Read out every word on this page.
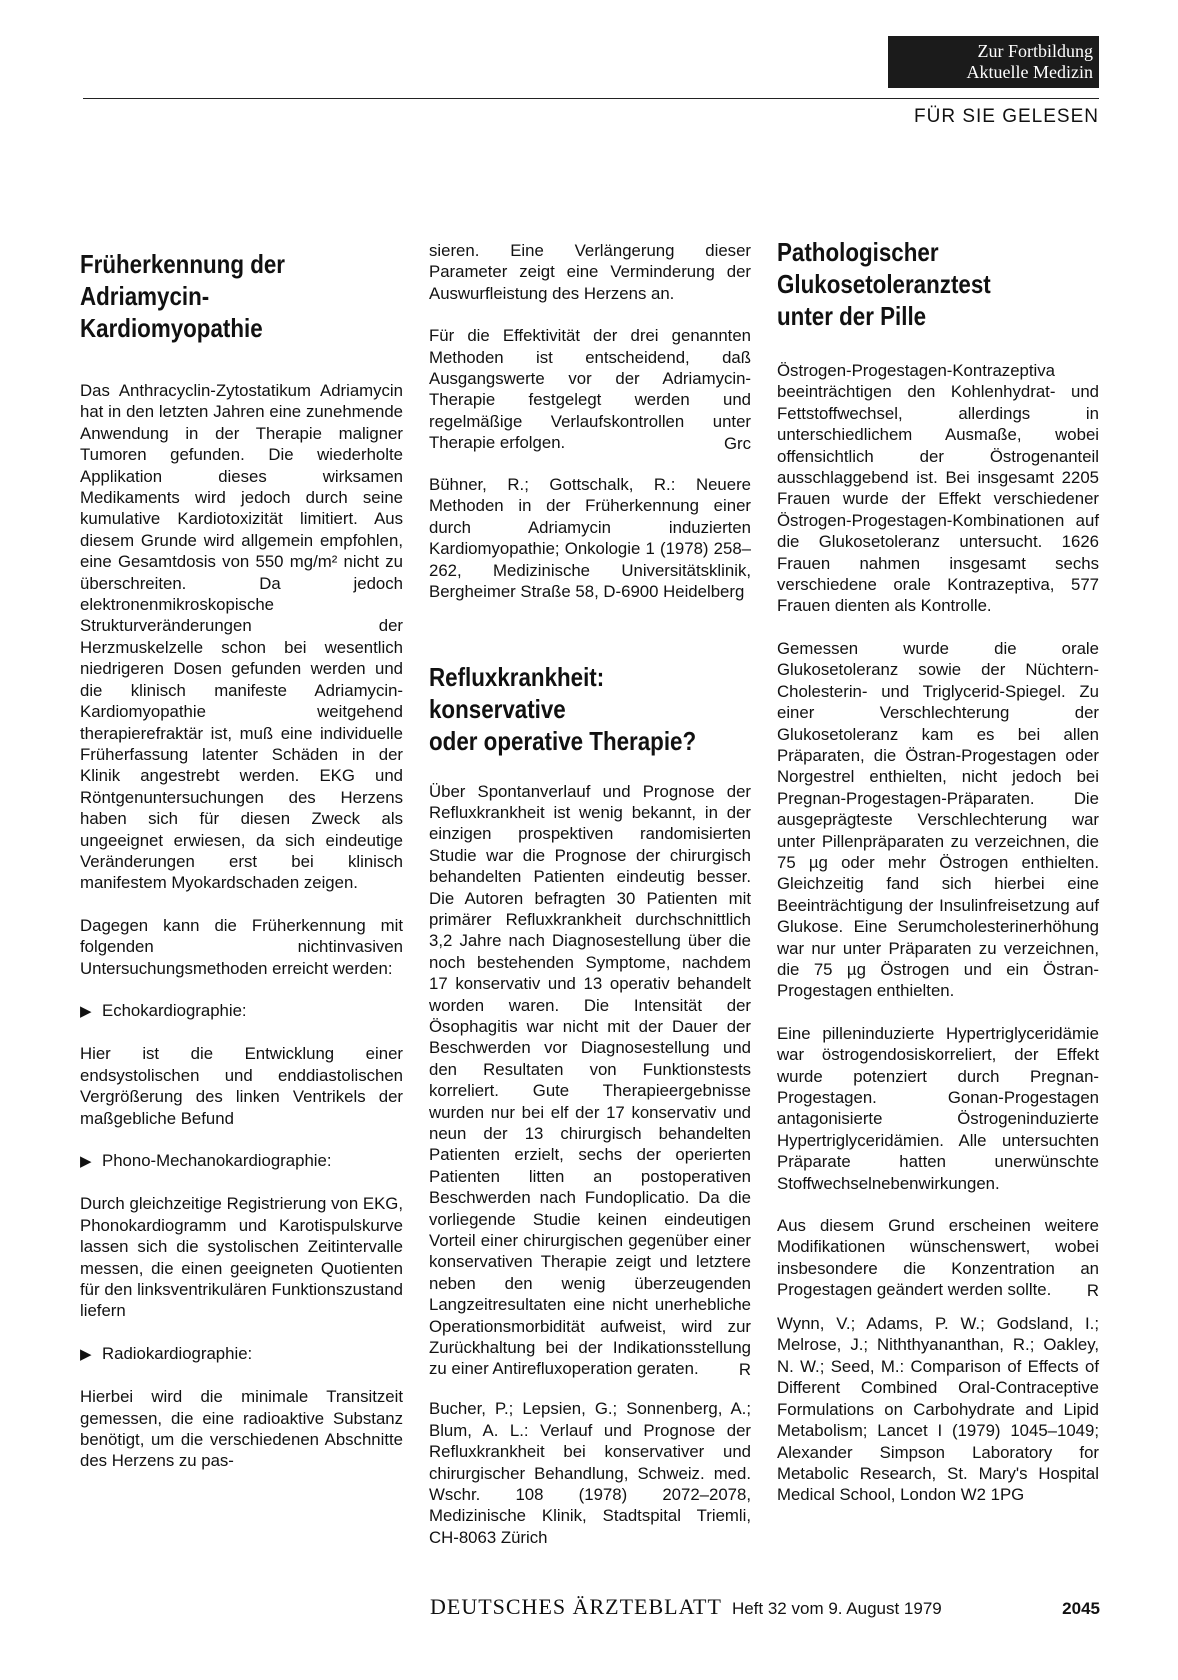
Zur Fortbildung
Aktuelle Medizin
FÜR SIE GELESEN
Früherkennung der
Adriamycin-
Kardiomyopathie

Das Anthracyclin-Zytostatikum Adriamycin hat in den letzten Jahren eine zunehmende Anwendung in der Therapie maligner Tumoren gefunden. Die wiederholte Applikation dieses wirksamen Medikaments wird jedoch durch seine kumulative Kardiotoxizität limitiert. Aus diesem Grunde wird allgemein empfohlen, eine Gesamtdosis von 550 mg/m² nicht zu überschreiten. Da jedoch elektronenmikroskopische Strukturveränderungen der Herzmuskelzelle schon bei wesentlich niedrigeren Dosen gefunden werden und die klinisch manifeste Adriamycin-Kardiomyopathie weitgehend therapierefraktär ist, muß eine individuelle Früherfassung latenter Schäden in der Klinik angestrebt werden. EKG und Röntgenuntersuchungen des Herzens haben sich für diesen Zweck als ungeeignet erwiesen, da sich eindeutige Veränderungen erst bei klinisch manifestem Myokardschaden zeigen.

Dagegen kann die Früherkennung mit folgenden nichtinvasiven Untersuchungsmethoden erreicht werden:

▶ Echokardiographie:

Hier ist die Entwicklung einer endsystolischen und enddiastolischen Vergrößerung des linken Ventrikels der maßgebliche Befund

▶ Phono-Mechanokardiographie:

Durch gleichzeitige Registrierung von EKG, Phonokardiogramm und Karotispulskurve lassen sich die systolischen Zeitintervalle messen, die einen geeigneten Quotienten für den linksventrikulären Funktionszustand liefern

▶ Radiokardiographie:

Hierbei wird die minimale Transitzeit gemessen, die eine radioaktive Substanz benötigt, um die verschiedenen Abschnitte des Herzens zu pas-

sieren. Eine Verlängerung dieser Parameter zeigt eine Verminderung der Auswurfleistung des Herzens an.

Für die Effektivität der drei genannten Methoden ist entscheidend, daß Ausgangswerte vor der Adriamycin-Therapie festgelegt werden und regelmäßige Verlaufskontrollen unter Therapie erfolgen.	Grc

Bühner, R.; Gottschalk, R.: Neuere Methoden in der Früherkennung einer durch Adriamycin induzierten Kardiomyopathie; Onkologie 1 (1978) 258–262, Medizinische Universitätsklinik, Bergheimer Straße 58, D-6900 Heidelberg

Refluxkrankheit:
konservative
oder operative Therapie?

Über Spontanverlauf und Prognose der Refluxkrankheit ist wenig bekannt, in der einzigen prospektiven randomisierten Studie war die Prognose der chirurgisch behandelten Patienten eindeutig besser. Die Autoren befragten 30 Patienten mit primärer Refluxkrankheit durchschnittlich 3,2 Jahre nach Diagnosestellung über die noch bestehenden Symptome, nachdem 17 konservativ und 13 operativ behandelt worden waren. Die Intensität der Ösophagitis war nicht mit der Dauer der Beschwerden vor Diagnosestellung und den Resultaten von Funktionstests korreliert. Gute Therapieergebnisse wurden nur bei elf der 17 konservativ und neun der 13 chirurgisch behandelten Patienten erzielt, sechs der operierten Patienten litten an postoperativen Beschwerden nach Fundoplicatio. Da die vorliegende Studie keinen eindeutigen Vorteil einer chirurgischen gegenüber einer konservativen Therapie zeigt und letztere neben den wenig überzeugenden Langzeitresultaten eine nicht unerhebliche Operationsmorbidität aufweist, wird zur Zurückhaltung bei der Indikationsstellung zu einer Antirefluxoperation geraten.	R

Bucher, P.; Lepsien, G.; Sonnenberg, A.; Blum, A. L.: Verlauf und Prognose der Refluxkrankheit bei konservativer und chirurgischer Behandlung, Schweiz. med. Wschr. 108 (1978) 2072–2078, Medizinische Klinik, Stadtspital Triemli, CH-8063 Zürich

Pathologischer
Glukosetoleranztest
unter der Pille

Östrogen-Progestagen-Kontrazeptiva beeinträchtigen den Kohlenhydrat- und Fettstoffwechsel, allerdings in unterschiedlichem Ausmaße, wobei offensichtlich der Östrogenanteil ausschlaggebend ist. Bei insgesamt 2205 Frauen wurde der Effekt verschiedener Östrogen-Progestagen-Kombinationen auf die Glukosetoleranz untersucht. 1626 Frauen nahmen insgesamt sechs verschiedene orale Kontrazeptiva, 577 Frauen dienten als Kontrolle.

Gemessen wurde die orale Glukosetoleranz sowie der Nüchtern-Cholesterin- und Triglycerid-Spiegel. Zu einer Verschlechterung der Glukosetoleranz kam es bei allen Präparaten, die Östran-Progestagen oder Norgestrel enthielten, nicht jedoch bei Pregnan-Progestagen-Präparaten. Die ausgeprägteste Verschlechterung war unter Pillenpräparaten zu verzeichnen, die 75 µg oder mehr Östrogen enthielten. Gleichzeitig fand sich hierbei eine Beeinträchtigung der Insulinfreisetzung auf Glukose. Eine Serumcholesterinerhöhung war nur unter Präparaten zu verzeichnen, die 75 µg Östrogen und ein Östran-Progestagen enthielten.

Eine pilleninduzierte Hypertriglyceridämie war östrogendosiskorreliert, der Effekt wurde potenziert durch Pregnan-Progestagen. Gonan-Progestagen antagonisierte Östrogeninduzierte Hypertriglyceridämien. Alle untersuchten Präparate hatten unerwünschte Stoffwechselnebenwirkungen.

Aus diesem Grund erscheinen weitere Modifikationen wünschenswert, wobei insbesondere die Konzentration an Progestagen geändert werden sollte.	R

Wynn, V.; Adams, P. W.; Godsland, I.; Melrose, J.; Niththyananthan, R.; Oakley, N. W.; Seed, M.: Comparison of Effects of Different Combined Oral-Contraceptive Formulations on Carbohydrate and Lipid Metabolism; Lancet I (1979) 1045–1049; Alexander Simpson Laboratory for Metabolic Research, St. Mary's Hospital Medical School, London W2 1PG

DEUTSCHES ÄRZTEBLATT Heft 32 vom 9. August 1979	2045
